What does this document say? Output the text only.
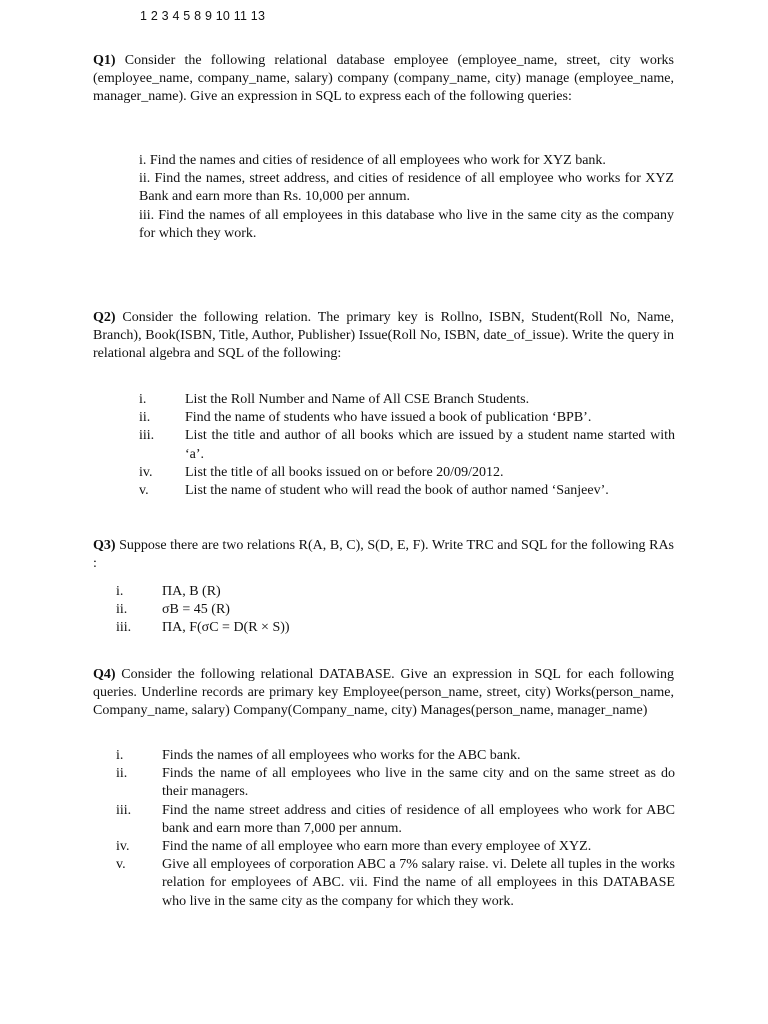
1 2 3 4 5 8 9 10 11 13
Q1) Consider the following relational database employee (employee_name, street, city works (employee_name, company_name, salary) company (company_name, city) manage (employee_name, manager_name). Give an expression in SQL to express each of the following queries:

i. Find the names and cities of residence of all employees who work for XYZ bank.

ii. Find the names, street address, and cities of residence of all employee who works for XYZ Bank and earn more than Rs. 10,000 per annum.

iii. Find the names of all employees in this database who live in the same city as the company for which they work.

Q2) Consider the following relation. The primary key is Rollno, ISBN, Student(Roll No, Name, Branch), Book(ISBN, Title, Author, Publisher) Issue(Roll No, ISBN, date_of_issue). Write the query in relational algebra and SQL of the following:
i.	List the Roll Number and Name of All CSE Branch Students.
ii.	Find the name of students who have issued a book of publication ‘BPB’.
iii.	List the title and author of all books which are issued by a student name started with ‘a’.
iv.	List the title of all books issued on or before 20/09/2012.
v.	List the name of student who will read the book of author named ‘Sanjeev’.
Q3) Suppose there are two relations R(A, B, C), S(D, E, F). Write TRC and SQL for the following RAs :
i.	ΠA, B (R)
ii.	σB = 45 (R)
iii.	ΠA, F(σC = D(R × S))
Q4) Consider the following relational DATABASE. Give an expression in SQL for each following queries. Underline records are primary key Employee(person_name, street, city) Works(person_name, Company_name, salary) Company(Company_name, city) Manages(person_name, manager_name)
i.	Finds the names of all employees who works for the ABC bank.
ii.	Finds the name of all employees who live in the same city and on the same street as do their managers.
iii.	Find the name street address and cities of residence of all employees who work for ABC bank and earn more than 7,000 per annum.
iv.	Find the name of all employee who earn more than every employee of XYZ.
v.	Give all employees of corporation ABC a 7% salary raise. vi. Delete all tuples in the works relation for employees of ABC. vii. Find the name of all employees in this DATABASE who live in the same city as the company for which they work.
